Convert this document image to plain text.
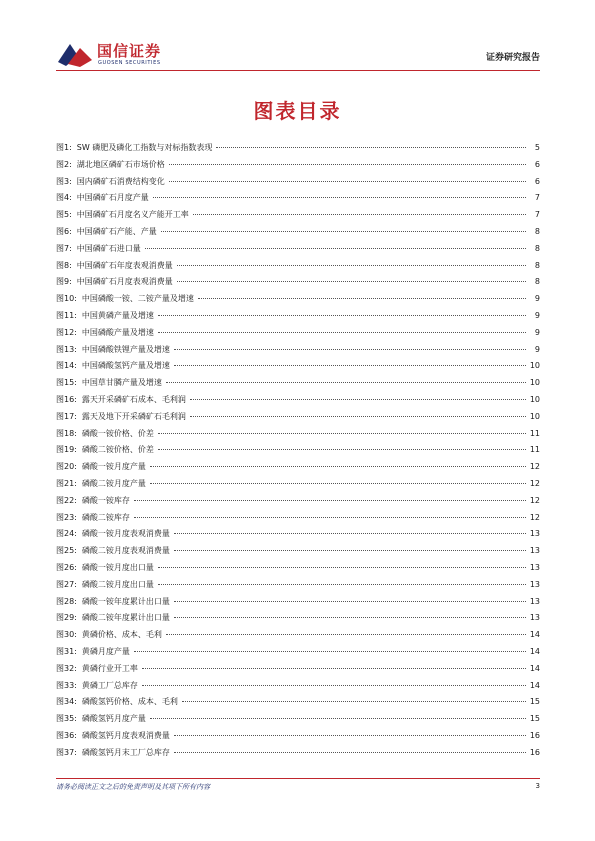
国信证券
GUOSEN SECURITIES	证券研究报告
图表目录
图1: SW 磷肥及磷化工指数与对标指数表现	5
图2: 湖北地区磷矿石市场价格	6
图3: 国内磷矿石消费结构变化	6
图4: 中国磷矿石月度产量	7
图5: 中国磷矿石月度名义产能开工率	7
图6: 中国磷矿石产能、产量	8
图7: 中国磷矿石进口量	8
图8: 中国磷矿石年度表观消费量	8
图9: 中国磷矿石月度表观消费量	8
图10: 中国磷酸一铵、二铵产量及增速	9
图11: 中国黄磷产量及增速	9
图12: 中国磷酸产量及增速	9
图13: 中国磷酸铁锂产量及增速	9
图14: 中国磷酸氢钙产量及增速	10
图15: 中国草甘膦产量及增速	10
图16: 露天开采磷矿石成本、毛利润	10
图17: 露天及地下开采磷矿石毛利润	10
图18: 磷酸一铵价格、价差	11
图19: 磷酸二铵价格、价差	11
图20: 磷酸一铵月度产量	12
图21: 磷酸二铵月度产量	12
图22: 磷酸一铵库存	12
图23: 磷酸二铵库存	12
图24: 磷酸一铵月度表观消费量	13
图25: 磷酸二铵月度表观消费量	13
图26: 磷酸一铵月度出口量	13
图27: 磷酸二铵月度出口量	13
图28: 磷酸一铵年度累计出口量	13
图29: 磷酸二铵年度累计出口量	13
图30: 黄磷价格、成本、毛利	14
图31: 黄磷月度产量	14
图32: 黄磷行业开工率	14
图33: 黄磷工厂总库存	14
图34: 磷酸氢钙价格、成本、毛利	15
图35: 磷酸氢钙月度产量	15
图36: 磷酸氢钙月度表观消费量	16
图37: 磷酸氢钙月末工厂总库存	16
请务必阅读正文之后的免责声明及其项下所有内容	3
